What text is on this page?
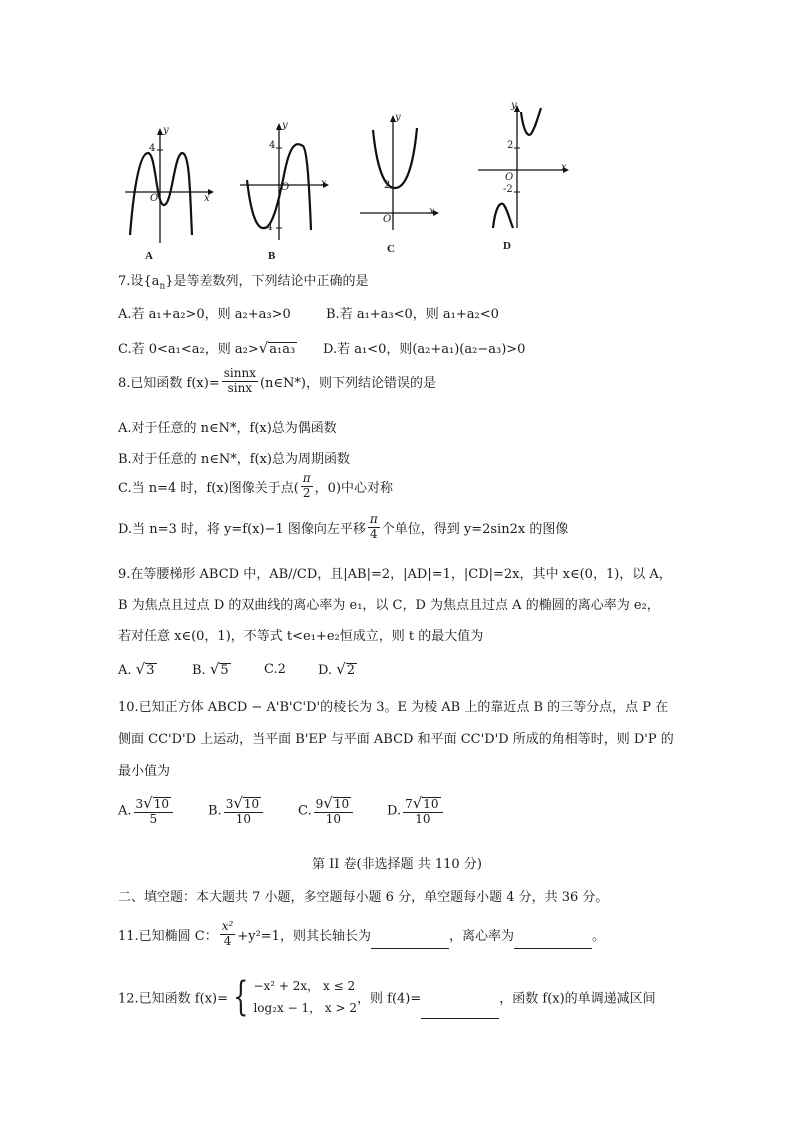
y
x
O
4
A
y
x
O
4
-4
B
y
x
O
2
C
y
x
O
2
-2
D
7.设$\{a_n\}$是等差数列，下列结论中正确的是
A.若 a₁+a₂>0，则 a₂+a₃>0	B.若 a₁+a₃<0，则 a₁+a₂<0
C.若 0<a₁<a₂，则 a₂>√a₁a₃ D.若 a₁<0，则(a₂+a₁)(a₂−a₃)>0
8.已知函数 $f(x)= \frac{\text{sinnx}}{\sin x}$ (n∈N*)，则下列结论错误的是
A.对于任意的 n∈N*，f(x)总为偶函数
B.对于任意的 n∈N*，f(x)总为周期函数
C.当 n=4 时，f(x)图像关于点( $\frac{\pi}{2}$ ，0)中心对称
D.当 n=3 时，将 y=f(x)−1 图像向左平移 $\frac{\pi}{4}$ 个单位，得到 y=2sin2x 的图像
9.在等腰梯形 ABCD 中，AB//CD，且|AB|=2，|AD|=1，|CD|=2x，其中 x∈(0，1)，以 A，
B 为焦点且过点 D 的双曲线的离心率为 e₁，以 C，D 为焦点且过点 A 的椭圆的离心率为 e₂，
若对任意 x∈(0，1)，不等式 t<e₁+e₂恒成立，则 t 的最大值为
A. √3	B. √5	C.2 D. √2
10.已知正方体 ABCD − A'B'C'D'的棱长为 3。E 为棱 AB 上的靠近点 B 的三等分点，点 P 在
侧面 CC'D'D 上运动，当平面 B'EP 与平面 ABCD 和平面 CC'D'D 所成的角相等时，则 D'P 的
最小值为
A. $\frac{3√10}{5}$	B. $\frac{3√10}{10}$	C. $\frac{9√10}{10}$	D. $\frac{7√10}{10}$
第 II 卷(非选择题 共 110 分)
二、填空题：本大题共 7 小题，多空题每小题 6 分，单空题每小题 4 分，共 36 分。
11.已知椭圆 C： $\frac{\text{x²}}{4} +y^2=1$，则其长轴长为	，离心率为	。
12.已知函数 f(x)= { −x² + 2x， x ≤ 2
log₂x − 1， x > 2
，则 f(4)=	，函数 f(x)的单调递减区间
